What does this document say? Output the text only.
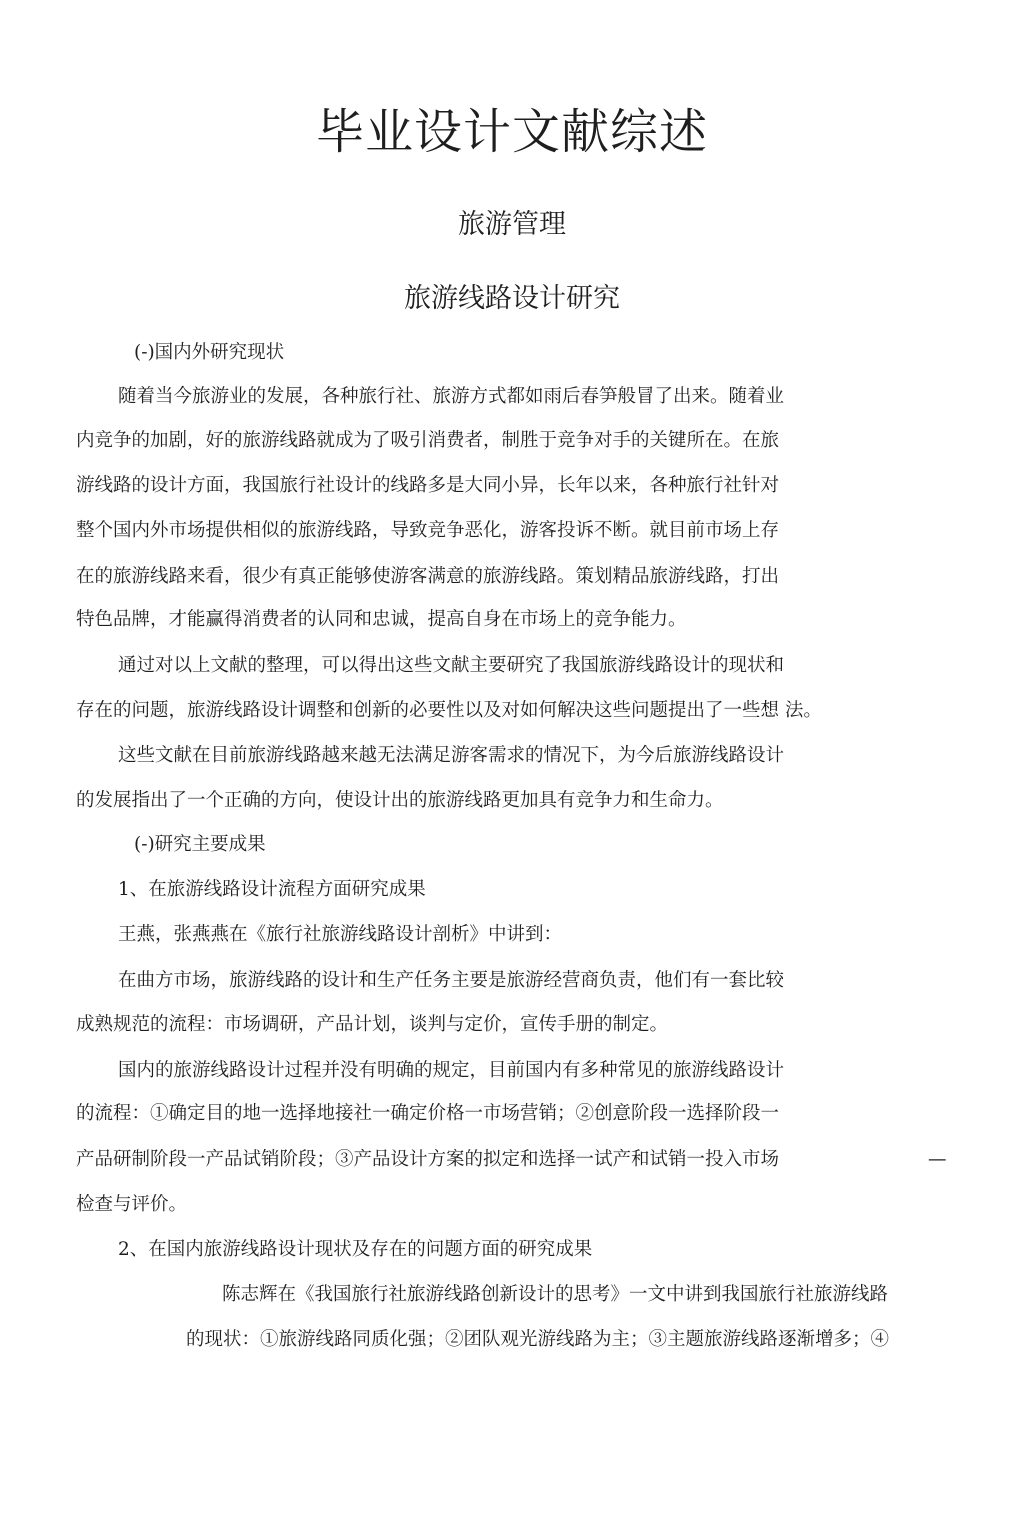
毕业设计文献综述
旅游管理
旅游线路设计研究
(-)国内外研究现状
随着当今旅游业的发展，各种旅行社、旅游方式都如雨后春笋般冒了出来。随着业
内竞争的加剧，好的旅游线路就成为了吸引消费者，制胜于竞争对手的关键所在。在旅
游线路的设计方面，我国旅行社设计的线路多是大同小异，长年以来，各种旅行社针对
整个国内外市场提供相似的旅游线路，导致竞争恶化，游客投诉不断。就目前市场上存
在的旅游线路来看，很少有真正能够使游客满意的旅游线路。策划精品旅游线路，打出
特色品牌，才能赢得消费者的认同和忠诚，提高自身在市场上的竞争能力。
通过对以上文献的整理，可以得出这些文献主要研究了我国旅游线路设计的现状和
存在的问题，旅游线路设计调整和创新的必要性以及对如何解决这些问题提出了一些想 法。
这些文献在目前旅游线路越来越无法满足游客需求的情况下，为今后旅游线路设计
的发展指出了一个正确的方向，使设计出的旅游线路更加具有竞争力和生命力。
(-)研究主要成果
1、在旅游线路设计流程方面研究成果
王燕，张燕燕在《旅行社旅游线路设计剖析》中讲到：
在曲方市场，旅游线路的设计和生产任务主要是旅游经营商负责，他们有一套比较
成熟规范的流程：市场调研，产品计划，谈判与定价，宣传手册的制定。
国内的旅游线路设计过程并没有明确的规定，目前国内有多种常见的旅游线路设计
的流程：①确定目的地一选择地接社一确定价格一市场营销；②创意阶段一选择阶段一
产品研制阶段一产品试销阶段；③产品设计方案的拟定和选择一试产和试销一投入市场	—
检查与评价。
2、在国内旅游线路设计现状及存在的问题方面的研究成果
陈志辉在《我国旅行社旅游线路创新设计的思考》一文中讲到我国旅行社旅游线路
的现状：①旅游线路同质化强；②团队观光游线路为主；③主题旅游线路逐渐增多；④
